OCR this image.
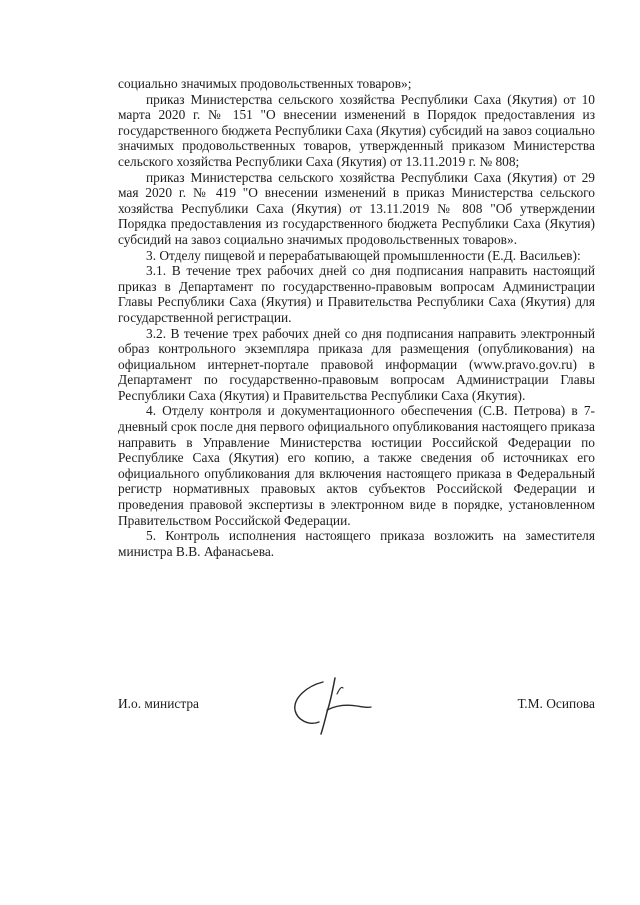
социально значимых продовольственных товаров»;

приказ Министерства сельского хозяйства Республики Саха (Якутия) от 10 марта 2020 г. № 151 "О внесении изменений в Порядок предоставления из государственного бюджета Республики Саха (Якутия) субсидий на завоз социально значимых продовольственных товаров, утвержденный приказом Министерства сельского хозяйства Республики Саха (Якутия) от 13.11.2019 г. № 808;

приказ Министерства сельского хозяйства Республики Саха (Якутия) от 29 мая 2020 г. № 419 "О внесении изменений в приказ Министерства сельского хозяйства Республики Саха (Якутия) от 13.11.2019 № 808 "Об утверждении Порядка предоставления из государственного бюджета Республики Саха (Якутия) субсидий на завоз социально значимых продовольственных товаров».

3. Отделу пищевой и перерабатывающей промышленности (Е.Д. Васильев):

3.1. В течение трех рабочих дней со дня подписания направить настоящий приказ в Департамент по государственно-правовым вопросам Администрации Главы Республики Саха (Якутия) и Правительства Республики Саха (Якутия) для государственной регистрации.

3.2. В течение трех рабочих дней со дня подписания направить электронный образ контрольного экземпляра приказа для размещения (опубликования) на официальном интернет-портале правовой информации (www.pravo.gov.ru) в Департамент по государственно-правовым вопросам Администрации Главы Республики Саха (Якутия) и Правительства Республики Саха (Якутия).

4. Отделу контроля и документационного обеспечения (С.В. Петрова) в 7-дневный срок после дня первого официального опубликования настоящего приказа направить в Управление Министерства юстиции Российской Федерации по Республике Саха (Якутия) его копию, а также сведения об источниках его официального опубликования для включения настоящего приказа в Федеральный регистр нормативных правовых актов субъектов Российской Федерации и проведения правовой экспертизы в электронном виде в порядке, установленном Правительством Российской Федерации.

5. Контроль исполнения настоящего приказа возложить на заместителя министра В.В. Афанасьева.

И.о. министра	Т.М. Осипова
